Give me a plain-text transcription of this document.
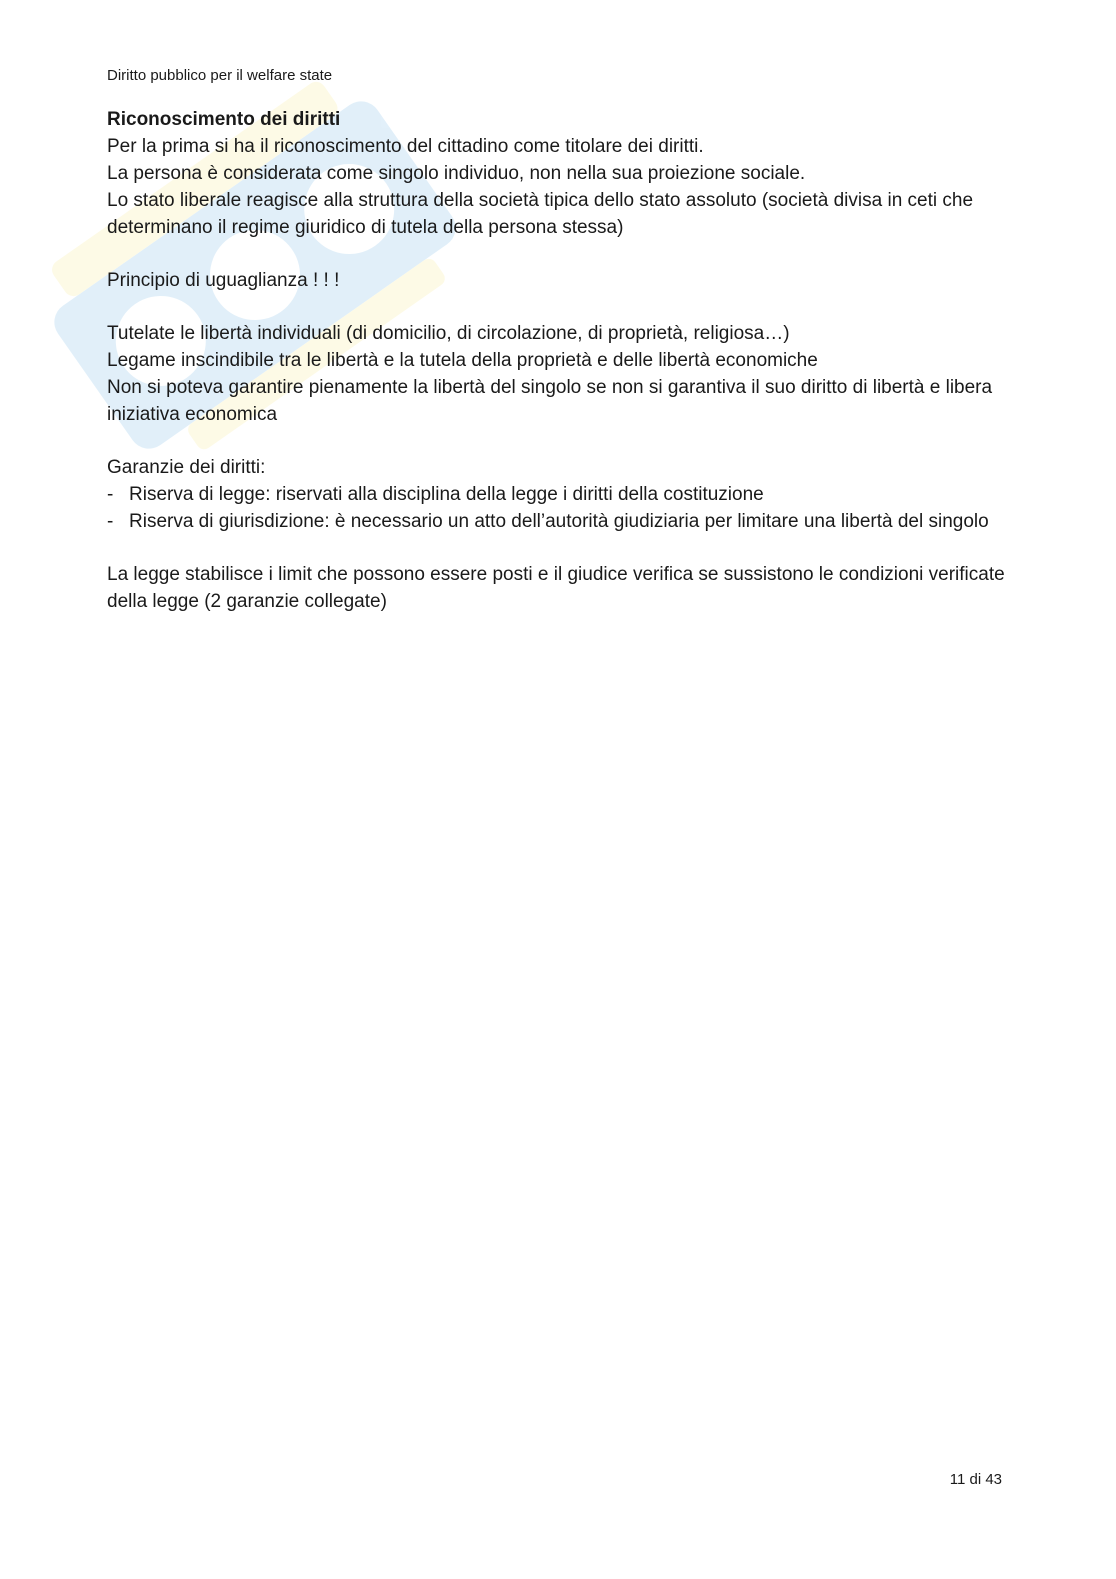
Diritto pubblico per il welfare state

Riconoscimento dei diritti

Per la prima si ha il riconoscimento del cittadino come titolare dei diritti.

La persona è considerata come singolo individuo, non nella sua proiezione sociale.

Lo stato liberale reagisce alla struttura della società tipica dello stato assoluto (società divisa in ceti che determinano il regime giuridico di tutela della persona stessa)

Principio di uguaglianza ! ! !

Tutelate le libertà individuali (di domicilio, di circolazione, di proprietà, religiosa…)

Legame inscindibile tra le libertà e la tutela della proprietà e delle libertà economiche

Non si poteva garantire pienamente la libertà del singolo se non si garantiva il suo diritto di libertà e libera iniziativa economica

Garanzie dei diritti:

- Riserva di legge: riservati alla disciplina della legge i diritti della costituzione
- Riserva di giurisdizione: è necessario un atto dell’autorità giudiziaria per limitare una libertà del singolo

La legge stabilisce i limit che possono essere posti e il giudice verifica se sussistono le condizioni verificate della legge (2 garanzie collegate)

11 di 43
